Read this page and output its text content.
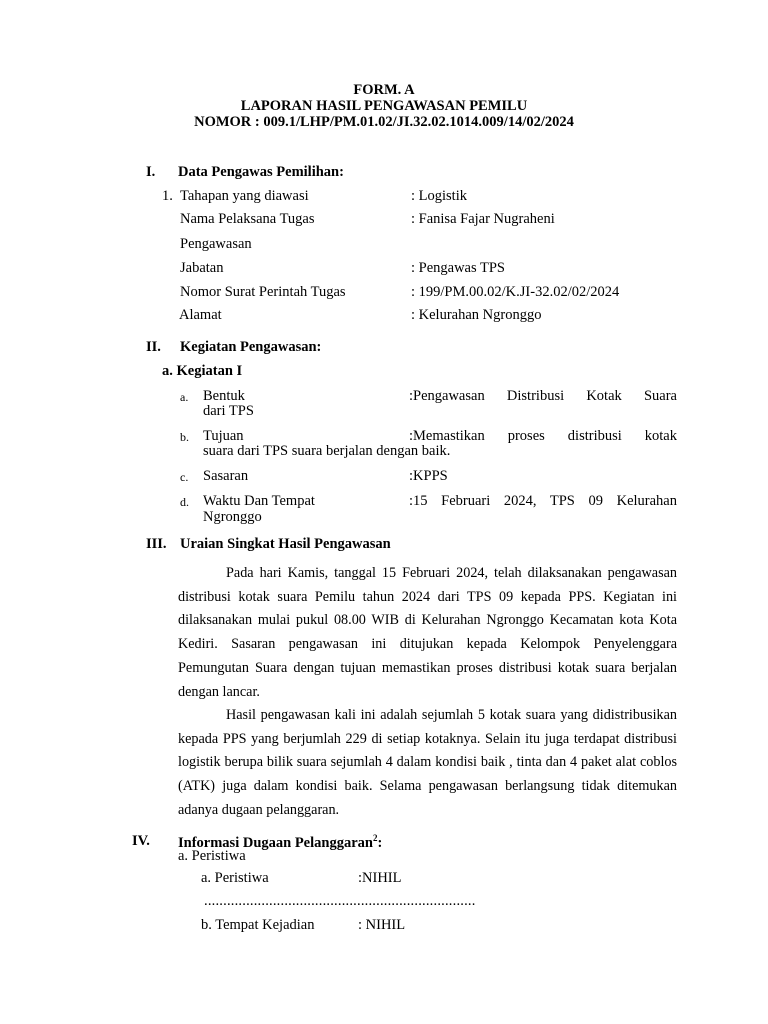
FORM. A
LAPORAN HASIL PENGAWASAN PEMILU
NOMOR : 009.1/LHP/PM.01.02/JI.32.02.1014.009/14/02/2024
I. Data Pengawas Pemilihan:
1. Tahapan yang diawasi	: Logistik
Nama Pelaksana Tugas	: Fanisa Fajar Nugraheni
Pengawasan
Jabatan	: Pengawas TPS
Nomor Surat Perintah Tugas	: 199/PM.00.02/K.JI-32.02/02/2024
Alamat	: Kelurahan Ngronggo
II. Kegiatan Pengawasan:
a. Kegiatan I
a. Bentuk	:Pengawasan Distribusi Kotak Suara
dari TPS
b. Tujuan	:Memastikan proses distribusi kotak
suara dari TPS suara berjalan dengan baik.
c. Sasaran	:KPPS
d. Waktu Dan Tempat	:15 Februari 2024, TPS 09 Kelurahan
Ngronggo
III. Uraian Singkat Hasil Pengawasan
Pada hari Kamis, tanggal 15 Februari 2024, telah dilaksanakan pengawasan distribusi kotak suara Pemilu tahun 2024 dari TPS 09 kepada PPS. Kegiatan ini dilaksanakan mulai pukul 08.00 WIB di Kelurahan Ngronggo Kecamatan kota Kota Kediri. Sasaran pengawasan ini ditujukan kepada Kelompok Penyelenggara Pemungutan Suara dengan tujuan memastikan proses distribusi kotak suara berjalan dengan lancar.
Hasil pengawasan kali ini adalah sejumlah 5 kotak suara yang didistribusikan kepada PPS yang berjumlah 229 di setiap kotaknya. Selain itu juga terdapat distribusi logistik berupa bilik suara sejumlah 4 dalam kondisi baik , tinta dan 4 paket alat coblos (ATK) juga dalam kondisi baik. Selama pengawasan berlangsung tidak ditemukan adanya dugaan pelanggaran.
IV. Informasi Dugaan Pelanggaran$^2$:
a. Peristiwa
a. Peristiwa	:NIHIL
.......................................................................
b. Tempat Kejadian	: NIHIL
